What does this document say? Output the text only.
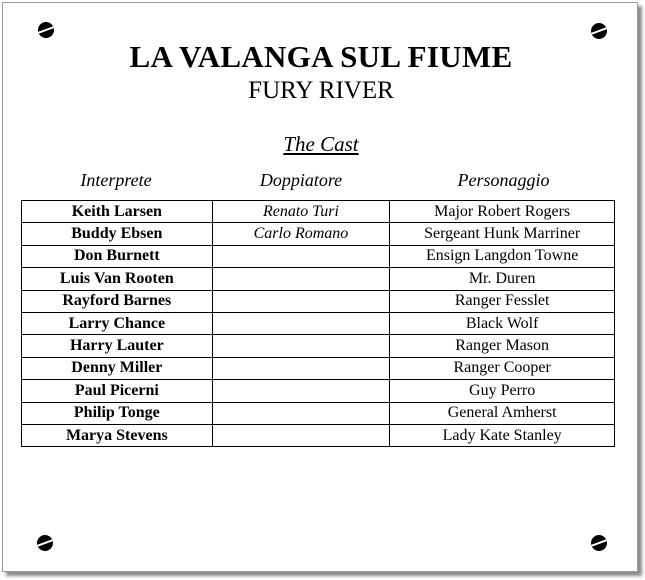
LA VALANGA SUL FIUME
FURY RIVER
The Cast
Interprete	Doppiatore	Personaggio
Keith Larsen	Renato Turi	Major Robert Rogers
Buddy Ebsen	Carlo Romano	Sergeant Hunk Marriner
Don Burnett		Ensign Langdon Towne
Luis Van Rooten		Mr. Duren
Rayford Barnes		Ranger Fesslet
Larry Chance		Black Wolf
Harry Lauter		Ranger Mason
Denny Miller		Ranger Cooper
Paul Picerni		Guy Perro
Philip Tonge		General Amherst
Marya Stevens		Lady Kate Stanley
